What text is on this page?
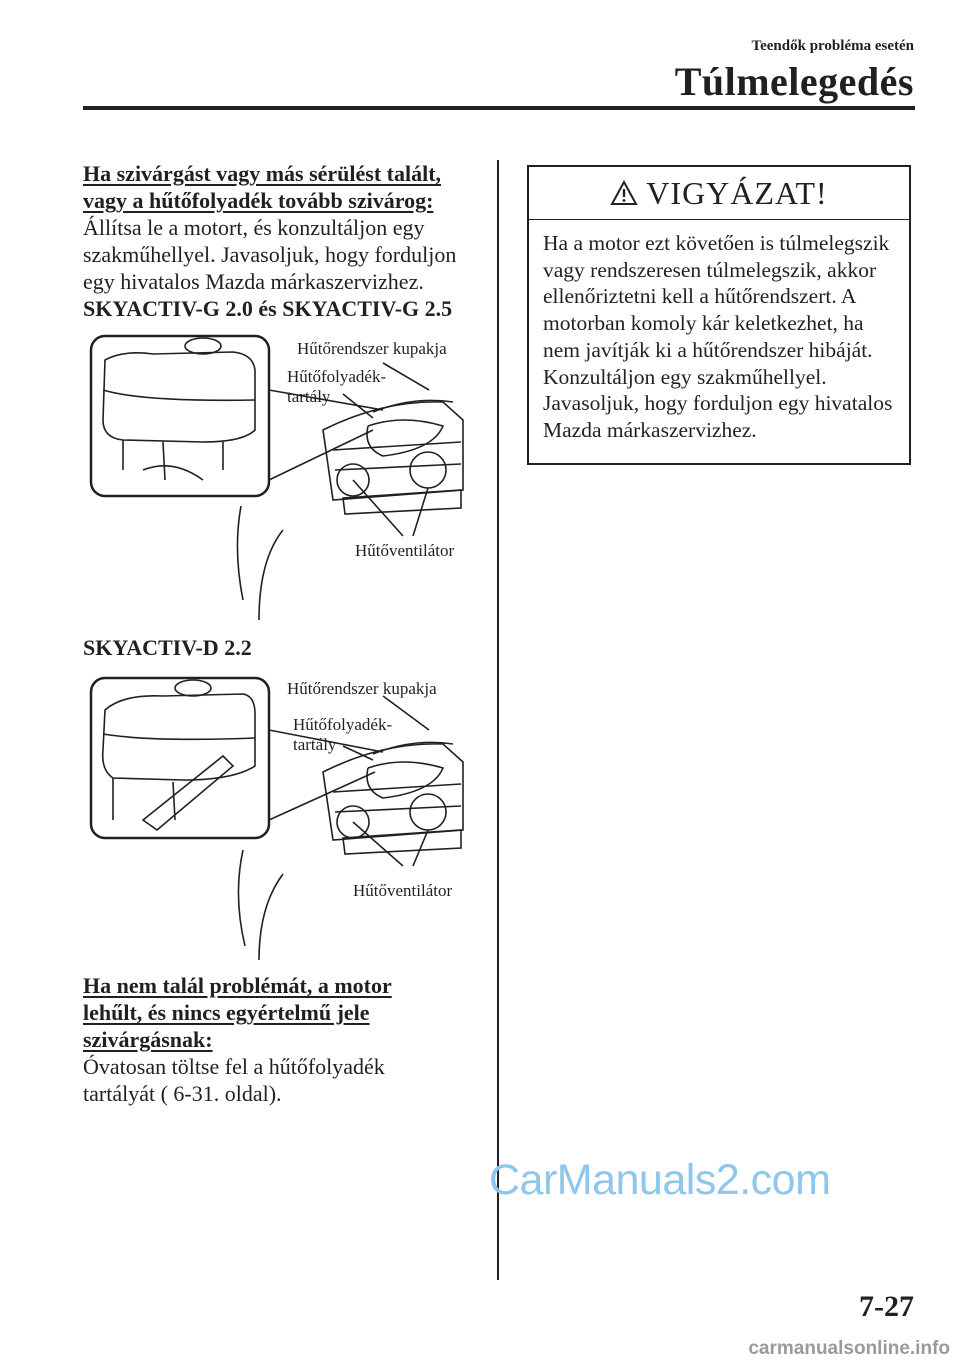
Teendők probléma esetén
Túlmelegedés
Ha szivárgást vagy más sérülést talált, vagy a hűtőfolyadék tovább szivárog:
Állítsa le a motort, és konzultáljon egy szakműhellyel. Javasoljuk, hogy forduljon egy hivatalos Mazda márkaszervizhez.
SKYACTIV-G 2.0 és SKYACTIV-G 2.5
Hűtőrendszer kupakja
Hűtőfolyadék-
tartály
Hűtőventilátor
SKYACTIV-D 2.2
Hűtőrendszer kupakja
Hűtőfolyadék-
tartály
Hűtőventilátor
Ha nem talál problémát, a motor lehűlt, és nincs egyértelmű jele szivárgásnak:
Óvatosan töltse fel a hűtőfolyadék tartályát ( 6-31. oldal).
VIGYÁZAT!
Ha a motor ezt követően is túlmelegszik vagy rendszeresen túlmelegszik, akkor ellenőriztetni kell a hűtőrendszert. A motorban komoly kár keletkezhet, ha nem javítják ki a hűtőrendszer hibáját. Konzultáljon egy szakműhellyel. Javasoljuk, hogy forduljon egy hivatalos Mazda márkaszervizhez.
CarManuals2.com
7-27
carmanualsonline.info
